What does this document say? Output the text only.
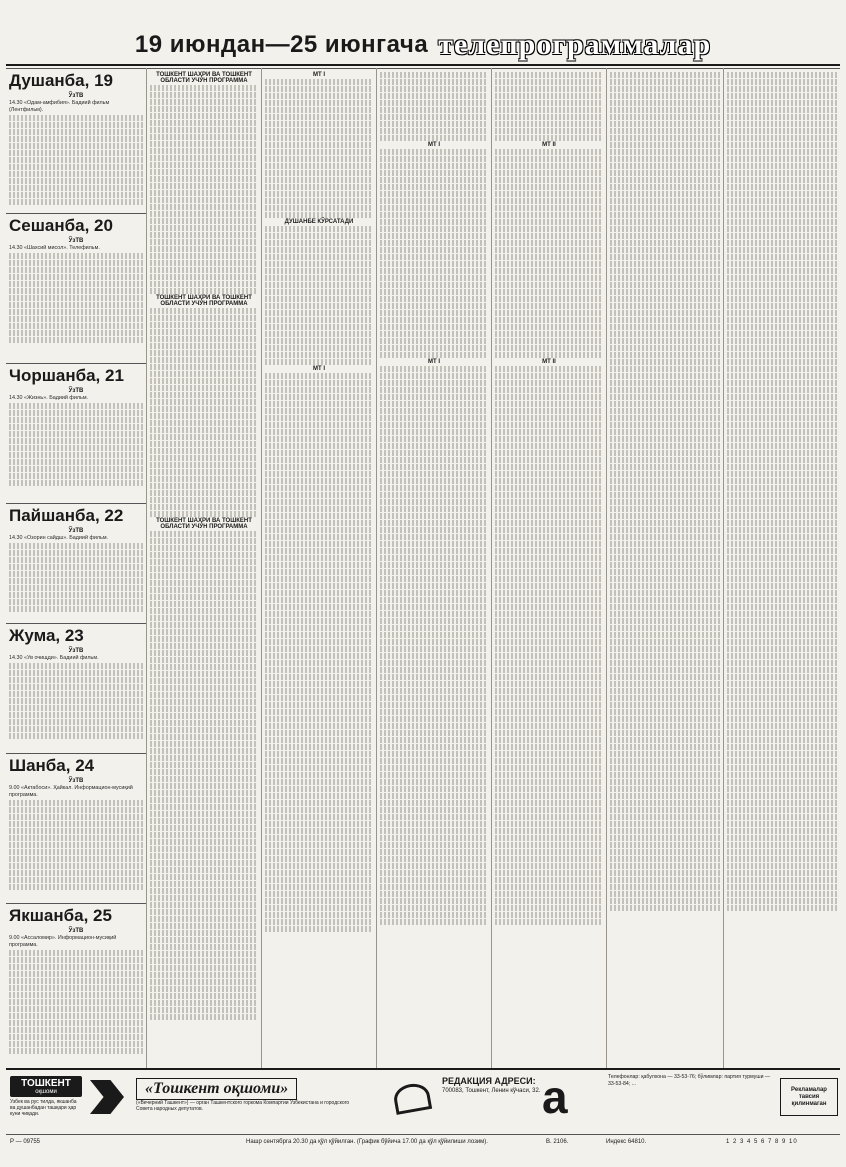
19 июндан—25 июнгача телепрограммалар
Душанба, 19
ЎзТВ
14.30 «Одам-амфибия». Бадиий фильм (Лентфильм).
Сешанба, 20
ЎзТВ
14.30 «Шахсий мисол». Телефильм.
Чоршанба, 21
ЎзТВ
14.30 «Жизнь». Бадиий фильм.
Пайшанба, 22
ЎзТВ
14.30 «Озорин сайдш». Бадиий фильм.
Жума, 23
ЎзТВ
14.30 «Ув очищди». Бадиий фильм.
Шанба, 24
ЎзТВ
9.00 «Актабоси». Ҳайкал. Информацион-мусиқий программа.
Якшанба, 25
ЎзТВ
9.00 «Ассаломир». Информацион-мусиқий программа.
ТОШКЕНТ ШАҲРИ ВА ТОШКЕНТ ОБЛАСТИ УЧУН ПРОГРАММА
ТОШКЕНТ ШАҲРИ ВА ТОШКЕНТ ОБЛАСТИ УЧУН ПРОГРАММА
ТОШКЕНТ ШАҲРИ ВА ТОШКЕНТ ОБЛАСТИ УЧУН ПРОГРАММА
МТ I
ДУШАНБЕ КЎРСАТАДИ
МТ I
МТ I
МТ I
МТ II
МТ II
ТОШКЕНТ
оқшоми
Узбек ва рус тилда, якшанба ва душанбадан ташқари ҳар куни чиқади.
«Тошкент оқшоми»
(«Вечерний Ташкент») — орган Ташкентского горкома Компартии Узбекистана и городского Совета народных депутатов.
РЕДАКЦИЯ АДРЕСИ:
700083, Тошкент, Ленин кўчаси, 32. а	Телефонлар: қабулхона — 33-53-76; бўлимлар: партия турмуши — 33-53-84; ...
Рекламалар тавсия қилинмаган
Р — 09755	Нашр сентябрга 20.30 да қўл қўйилган. (График бўйича 17.00 да қўл қўйилиши лозим).	В. 2106.	Индекс 64810.	1 2 3 4 5 6 7 8 9 10
